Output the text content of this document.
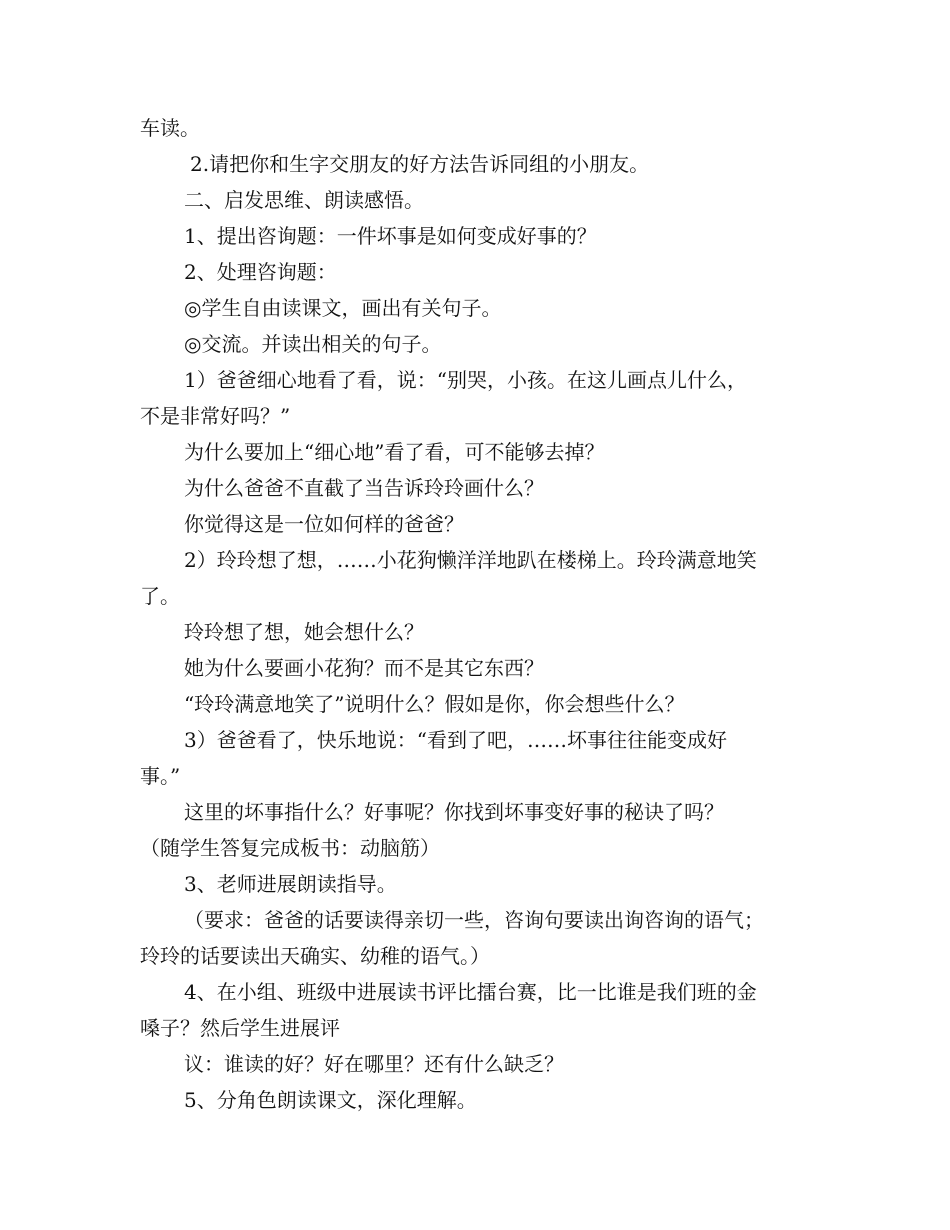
车读。
2.请把你和生字交朋友的好方法告诉同组的小朋友。
二、启发思维、朗读感悟。
1、提出咨询题：一件坏事是如何变成好事的？
2、处理咨询题：
◎学生自由读课文，画出有关句子。
◎交流。并读出相关的句子。
1）爸爸细心地看了看，说：“别哭，小孩。在这儿画点儿什么，
不是非常好吗？”
为什么要加上“细心地”看了看，可不能够去掉？
为什么爸爸不直截了当告诉玲玲画什么？
你觉得这是一位如何样的爸爸？
2）玲玲想了想，……小花狗懒洋洋地趴在楼梯上。玲玲满意地笑
了。
玲玲想了想，她会想什么？
她为什么要画小花狗？而不是其它东西？
“玲玲满意地笑了”说明什么？假如是你，你会想些什么？
3）爸爸看了，快乐地说：“看到了吧，……坏事往往能变成好
事。”
这里的坏事指什么？好事呢？你找到坏事变好事的秘诀了吗？
（随学生答复完成板书：动脑筋）
3、老师进展朗读指导。
（要求：爸爸的话要读得亲切一些，咨询句要读出询咨询的语气；
玲玲的话要读出天确实、幼稚的语气。）
4、在小组、班级中进展读书评比擂台赛，比一比谁是我们班的金
嗓子？然后学生进展评
议：谁读的好？好在哪里？还有什么缺乏？
5、分角色朗读课文，深化理解。
